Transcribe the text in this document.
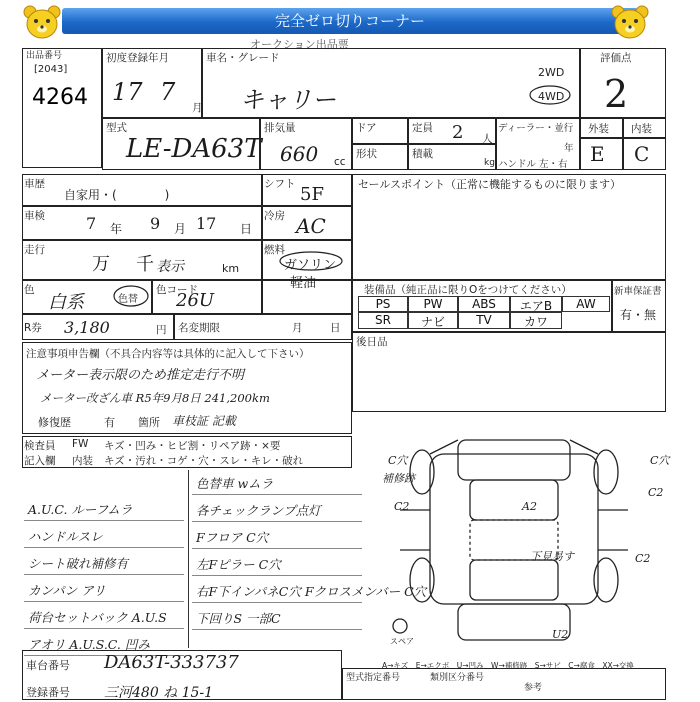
完全ゼロ切りコーナー
オークション出品票
出品番号
[2043]
4264
初度登録年月
17 7
月
車名・グレード
キャリー
2WD
4WD
評価点
2
型式
LE-DA63T
排気量
660 cc
ドア
形状
定員 2 人
積載
kg
ディーラー・並行
年
ハンドル 左・右
外装 内装
E C
車歴
自家用・(　　　　)
シフト 5F
車検	7 年 9 月 17 日
冷房 AC
走行
万 千 表示	km
燃料
ガソリン
軽油
色
白系	色替
色コード
26U
R券 3,180	円 名変期限	月	日
セールスポイント（正常に機能するものに限ります）
装備品（純正品に限りOをつけてください）
PS	PW	ABS	エアB	AW
SR	ナビ	TV	カワ
新車保証書
有・無
後日品
注意事項申告欄（不具合内容等は具体的に記入して下さい）
メーター表示限のため推定走行不明
メーター改ざん車 R5年9月8日 241,200km
修復歴	有 箇所 車枝証 記載
検査員
記入欄
FW キズ・凹み・ヒビ割・リペア跡・×要
内装 キズ・汚れ・コゲ・穴・スレ・キレ・破れ
A.U.C. ルーフムラ
ハンドルスレ
シート破れ補修有
カンパン アリ
荷台セットバック A.U.S
アオリ A.U.S.C. 凹み
色替車 wムラ
各チェックランプ点灯
Fフロア C穴
左Fピラー C穴
右F下インパネC穴 Fクロスメンバー C穴
下回りS 一部C
C穴	C穴
補修跡
C2
C2
A2
C2
U2
下見易す
スペア
A→キズ　E→エクボ　U→凹み　W→補修跡　S→サビ　C→腐食　XX→交換
車台番号 DA63T-333737
登録番号 三河480 ね 15-1
型式指定番号	類別区分番号
参考
